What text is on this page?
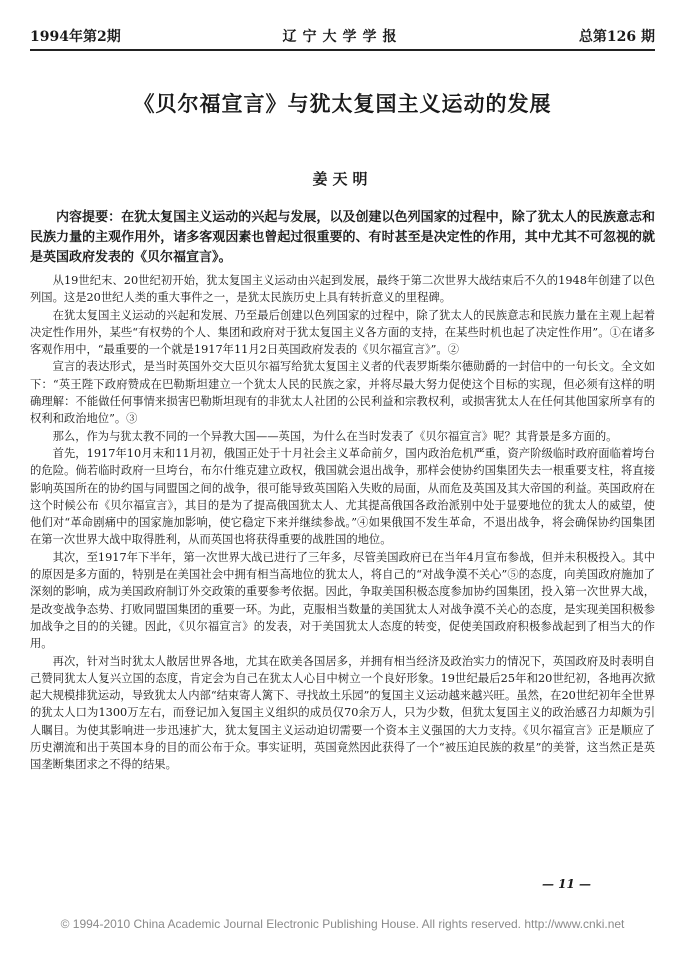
1994年第2期	辽宁大学学报	总第126 期
《贝尔福宣言》与犹太复国主义运动的发展
姜天明
内容提要：在犹太复国主义运动的兴起与发展，以及创建以色列国家的过程中，除了犹太人的民族意志和民族力量的主观作用外，诸多客观因素也曾起过很重要的、有时甚至是决定性的作用，其中尤其不可忽视的就是英国政府发表的《贝尔福宣言》。

从19世纪末、20世纪初开始，犹太复国主义运动由兴起到发展，最终于第二次世界大战结束后不久的1948年创建了以色列国。这是20世纪人类的重大事件之一，是犹太民族历史上具有转折意义的里程碑。

在犹太复国主义运动的兴起和发展、乃至最后创建以色列国家的过程中，除了犹太人的民族意志和民族力量在主观上起着决定性作用外，某些“有权势的个人、集团和政府对于犹太复国主义各方面的支持，在某些时机也起了决定性作用”。①在诸多客观作用中，“最重要的一个就是1917年11月2日英国政府发表的《贝尔福宣言》”。②

宣言的表达形式，是当时英国外交大臣贝尔福写给犹太复国主义者的代表罗斯柴尔德勋爵的一封信中的一句长文。全文如下：“英王陛下政府赞成在巴勒斯坦建立一个犹太人民的民族之家，并将尽最大努力促使这个目标的实现，但必须有这样的明确理解：不能做任何事情来损害巴勒斯坦现有的非犹太人社团的公民利益和宗教权利，或损害犹太人在任何其他国家所享有的权利和政治地位”。③

那么，作为与犹太教不同的一个异教大国——英国，为什么在当时发表了《贝尔福宣言》呢？其背景是多方面的。

首先，1917年10月末和11月初，俄国正处于十月社会主义革命前夕，国内政治危机严重，资产阶级临时政府面临着垮台的危险。倘若临时政府一旦垮台，布尔什维克建立政权，俄国就会退出战争，那样会使协约国集团失去一根重要支柱，将直接影响英国所在的协约国与同盟国之间的战争，很可能导致英国陷入失败的局面，从而危及英国及其大帝国的利益。英国政府在这个时候公布《贝尔福宣言》，其目的是为了提高俄国犹太人、尤其提高俄国各政治派别中处于显要地位的犹太人的威望，使他们对“革命剧痛中的国家施加影响，使它稳定下来并继续参战。”④如果俄国不发生革命，不退出战争，将会确保协约国集团在第一次世界大战中取得胜利，从而英国也将获得重要的战胜国的地位。

其次，至1917年下半年，第一次世界大战已进行了三年多，尽管美国政府已在当年4月宣布参战，但并未积极投入。其中的原因是多方面的，特别是在美国社会中拥有相当高地位的犹太人，将自己的“对战争漠不关心”⑤的态度，向美国政府施加了深刻的影响，成为美国政府制订外交政策的重要参考依据。因此，争取美国积极态度参加协约国集团，投入第一次世界大战，是改变战争态势、打败同盟国集团的重要一环。为此，克服相当数量的美国犹太人对战争漠不关心的态度，是实现美国积极参加战争之目的的关键。因此，《贝尔福宣言》的发表，对于美国犹太人态度的转变，促使美国政府积极参战起到了相当大的作用。

再次，针对当时犹太人散居世界各地，尤其在欧美各国居多，并拥有相当经济及政治实力的情况下，英国政府及时表明自己赞同犹太人复兴立国的态度，肯定会为自己在犹太人心目中树立一个良好形象。19世纪最后25年和20世纪初，各地再次掀起大规模排犹运动，导致犹太人内部“结束寄人篱下、寻找故土乐园”的复国主义运动越来越兴旺。虽然，在20世纪初年全世界的犹太人口为1300万左右，而登记加入复国主义组织的成员仅70余万人，只为少数，但犹太复国主义的政治感召力却颇为引人瞩目。为使其影响进一步迅速扩大，犹太复国主义运动迫切需要一个资本主义强国的大力支持。《贝尔福宣言》正是顺应了历史潮流和出于英国本身的目的而公布于众。事实证明，英国竟然因此获得了一个“被压迫民族的救星”的美誉，这当然正是英国垄断集团求之不得的结果。

— 11 —
© 1994-2010 China Academic Journal Electronic Publishing House. All rights reserved. http://www.cnki.net
